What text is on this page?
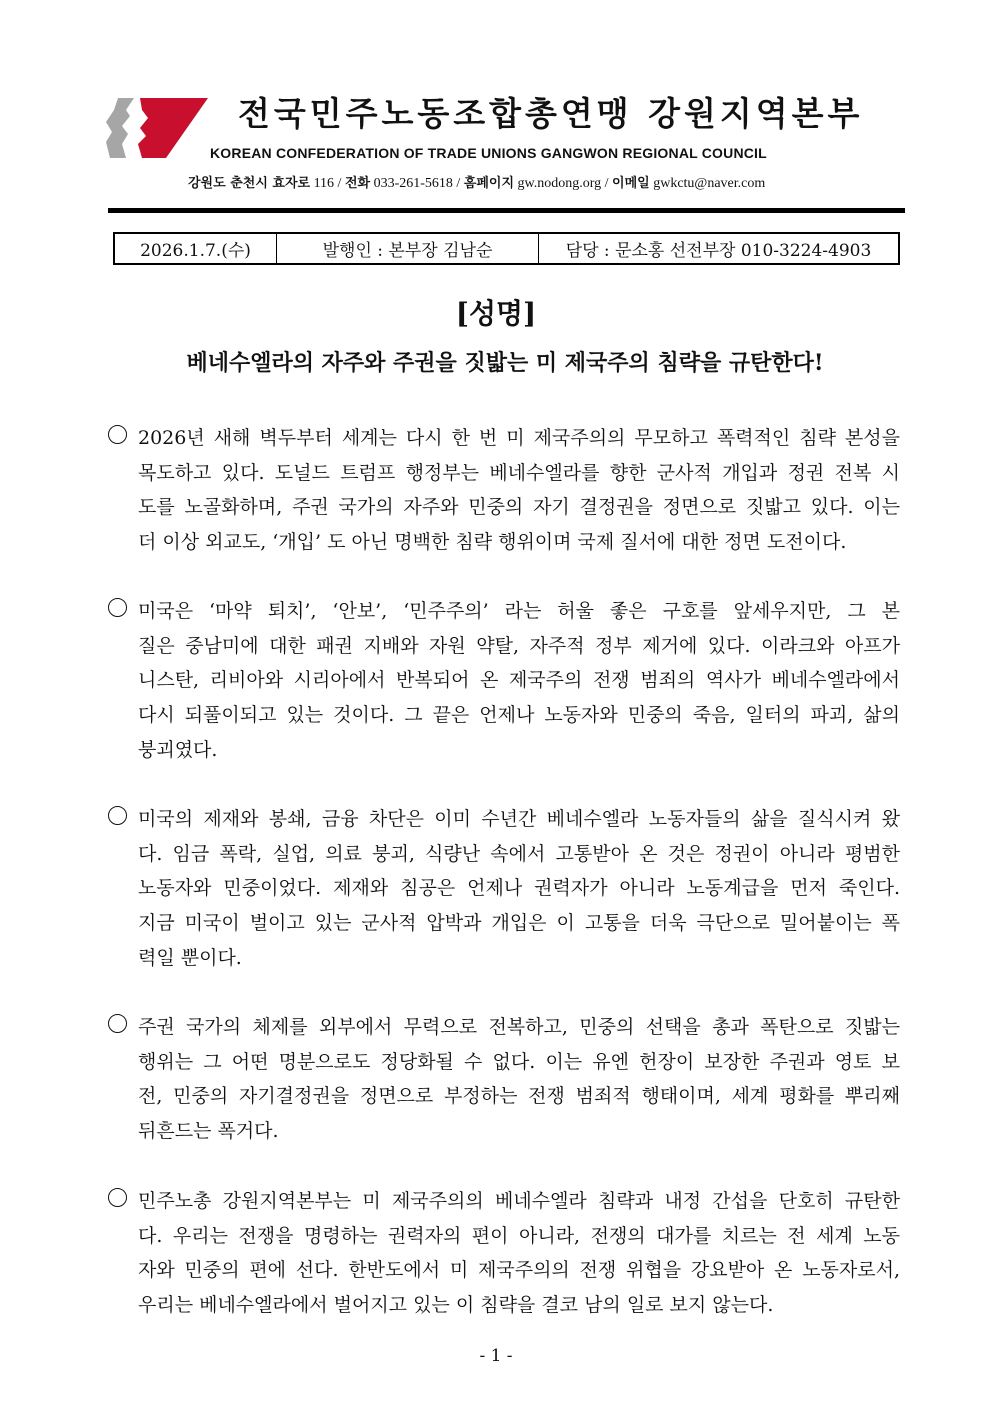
전국민주노동조합총연맹 강원지역본부
KOREAN CONFEDERATION OF TRADE UNIONS GANGWON REGIONAL COUNCIL
강원도 춘천시 효자로 116 / 전화 033-261-5618 / 홈페이지 gw.nodong.org / 이메일 gwkctu@naver.com
2026.1.7.(수)	발행인 : 본부장 김남순	담당 : 문소홍 선전부장 010-3224-4903
[성명]
베네수엘라의 자주와 주권을 짓밟는 미 제국주의 침략을 규탄한다!
2026년 새해 벽두부터 세계는 다시 한 번 미 제국주의의 무모하고 폭력적인 침략 본성을
목도하고 있다. 도널드 트럼프 행정부는 베네수엘라를 향한 군사적 개입과 정권 전복 시
도를 노골화하며, 주권 국가의 자주와 민중의 자기 결정권을 정면으로 짓밟고 있다. 이는
더 이상 외교도, ‘개입’ 도 아닌 명백한 침략 행위이며 국제 질서에 대한 정면 도전이다.
미국은 ‘마약 퇴치’, ‘안보’, ‘민주주의’ 라는 허울 좋은 구호를 앞세우지만, 그 본
질은 중남미에 대한 패권 지배와 자원 약탈, 자주적 정부 제거에 있다. 이라크와 아프가
니스탄, 리비아와 시리아에서 반복되어 온 제국주의 전쟁 범죄의 역사가 베네수엘라에서
다시 되풀이되고 있는 것이다. 그 끝은 언제나 노동자와 민중의 죽음, 일터의 파괴, 삶의
붕괴였다.
미국의 제재와 봉쇄, 금융 차단은 이미 수년간 베네수엘라 노동자들의 삶을 질식시켜 왔
다. 임금 폭락, 실업, 의료 붕괴, 식량난 속에서 고통받아 온 것은 정권이 아니라 평범한
노동자와 민중이었다. 제재와 침공은 언제나 권력자가 아니라 노동계급을 먼저 죽인다.
지금 미국이 벌이고 있는 군사적 압박과 개입은 이 고통을 더욱 극단으로 밀어붙이는 폭
력일 뿐이다.
주권 국가의 체제를 외부에서 무력으로 전복하고, 민중의 선택을 총과 폭탄으로 짓밟는
행위는 그 어떤 명분으로도 정당화될 수 없다. 이는 유엔 헌장이 보장한 주권과 영토 보
전, 민중의 자기결정권을 정면으로 부정하는 전쟁 범죄적 행태이며, 세계 평화를 뿌리째
뒤흔드는 폭거다.
민주노총 강원지역본부는 미 제국주의의 베네수엘라 침략과 내정 간섭을 단호히 규탄한
다. 우리는 전쟁을 명령하는 권력자의 편이 아니라, 전쟁의 대가를 치르는 전 세계 노동
자와 민중의 편에 선다. 한반도에서 미 제국주의의 전쟁 위협을 강요받아 온 노동자로서,
우리는 베네수엘라에서 벌어지고 있는 이 침략을 결코 남의 일로 보지 않는다.
- 1 -
